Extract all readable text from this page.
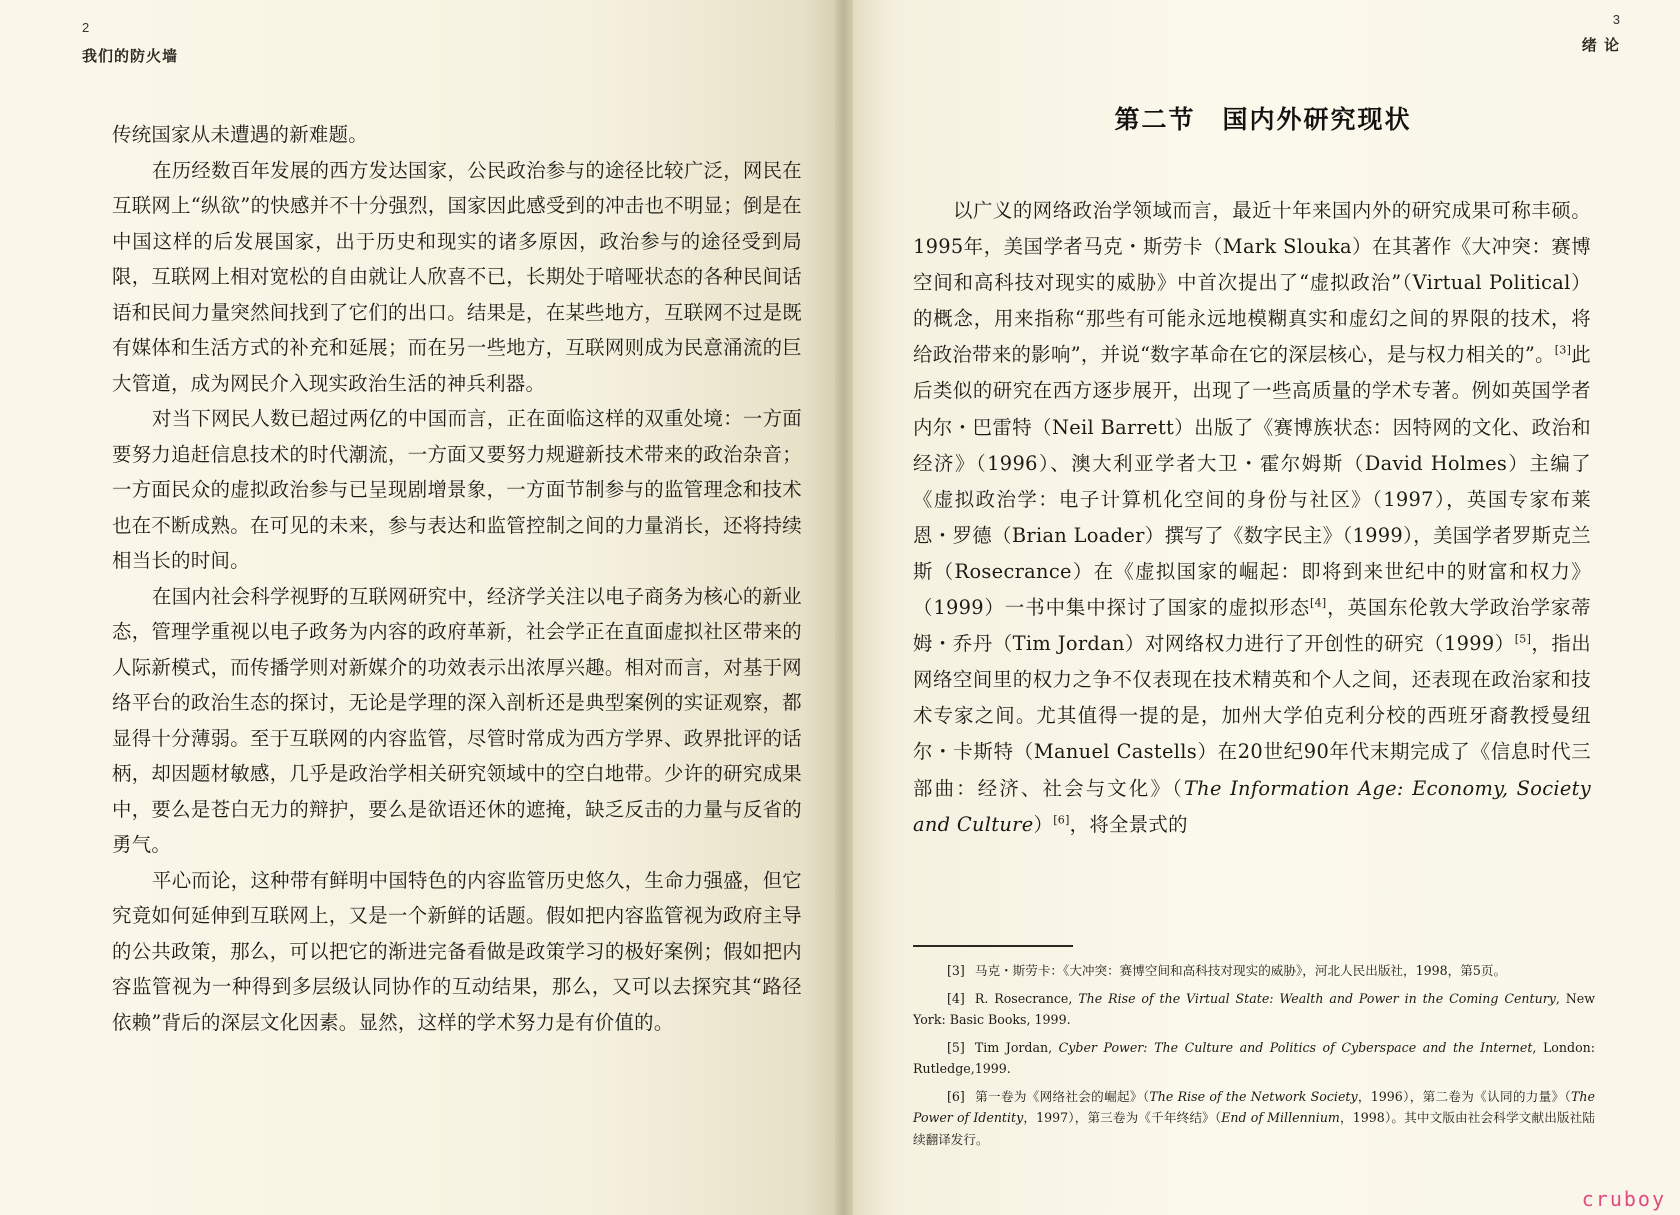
2
我们的防火墙

传统国家从未遭遇的新难题。

在历经数百年发展的西方发达国家，公民政治参与的途径比较广泛，网民在互联网上“纵欲”的快感并不十分强烈，国家因此感受到的冲击也不明显；倒是在中国这样的后发展国家，出于历史和现实的诸多原因，政治参与的途径受到局限，互联网上相对宽松的自由就让人欣喜不已，长期处于喑哑状态的各种民间话语和民间力量突然间找到了它们的出口。结果是，在某些地方，互联网不过是既有媒体和生活方式的补充和延展；而在另一些地方，互联网则成为民意涌流的巨大管道，成为网民介入现实政治生活的神兵利器。

对当下网民人数已超过两亿的中国而言，正在面临这样的双重处境：一方面要努力追赶信息技术的时代潮流，一方面又要努力规避新技术带来的政治杂音；一方面民众的虚拟政治参与已呈现剧增景象，一方面节制参与的监管理念和技术也在不断成熟。在可见的未来，参与表达和监管控制之间的力量消长，还将持续相当长的时间。

在国内社会科学视野的互联网研究中，经济学关注以电子商务为核心的新业态，管理学重视以电子政务为内容的政府革新，社会学正在直面虚拟社区带来的人际新模式，而传播学则对新媒介的功效表示出浓厚兴趣。相对而言，对基于网络平台的政治生态的探讨，无论是学理的深入剖析还是典型案例的实证观察，都显得十分薄弱。至于互联网的内容监管，尽管时常成为西方学界、政界批评的话柄，却因题材敏感，几乎是政治学相关研究领域中的空白地带。少许的研究成果中，要么是苍白无力的辩护，要么是欲语还休的遮掩，缺乏反击的力量与反省的勇气。

平心而论，这种带有鲜明中国特色的内容监管历史悠久，生命力强盛，但它究竟如何延伸到互联网上，又是一个新鲜的话题。假如把内容监管视为政府主导的公共政策，那么，可以把它的渐进完备看做是政策学习的极好案例；假如把内容监管视为一种得到多层级认同协作的互动结果，那么，又可以去探究其“路径依赖”背后的深层文化因素。显然，这样的学术努力是有价值的。

3
绪 论
第二节　国内外研究现状

以广义的网络政治学领域而言，最近十年来国内外的研究成果可称丰硕。1995年，美国学者马克・斯劳卡（Mark Slouka）在其著作《大冲突：赛博空间和高科技对现实的威胁》中首次提出了“虚拟政治”（Virtual Political）的概念，用来指称“那些有可能永远地模糊真实和虚幻之间的界限的技术，将给政治带来的影响”，并说“数字革命在它的深层核心，是与权力相关的”。[3]此后类似的研究在西方逐步展开，出现了一些高质量的学术专著。例如英国学者内尔・巴雷特（Neil Barrett）出版了《赛博族状态：因特网的文化、政治和经济》（1996）、澳大利亚学者大卫・霍尔姆斯（David Holmes）主编了《虚拟政治学：电子计算机化空间的身份与社区》（1997），英国专家布莱恩・罗德（Brian Loader）撰写了《数字民主》（1999），美国学者罗斯克兰斯（Rosecrance）在《虚拟国家的崛起：即将到来世纪中的财富和权力》（1999）一书中集中探讨了国家的虚拟形态[4]，英国东伦敦大学政治学家蒂姆・乔丹（Tim Jordan）对网络权力进行了开创性的研究（1999）[5]，指出网络空间里的权力之争不仅表现在技术精英和个人之间，还表现在政治家和技术专家之间。尤其值得一提的是，加州大学伯克利分校的西班牙裔教授曼纽尔・卡斯特（Manuel Castells）在20世纪90年代末期完成了《信息时代三部曲：经济、社会与文化》（The Information Age: Economy, Society and Culture）[6]，将全景式的

[3] 马克・斯劳卡：《大冲突：赛博空间和高科技对现实的威胁》，河北人民出版社，1998，第5页。

[4] R. Rosecrance, The Rise of the Virtual State: Wealth and Power in the Coming Century, New York: Basic Books, 1999.

[5] Tim Jordan, Cyber Power: The Culture and Politics of Cyberspace and the Internet, London: Rutledge,1999.

[6] 第一卷为《网络社会的崛起》（The Rise of the Network Society，1996），第二卷为《认同的力量》（The Power of Identity，1997），第三卷为《千年终结》（End of Millennium，1998）。其中文版由社会科学文献出版社陆续翻译发行。

cruboy
